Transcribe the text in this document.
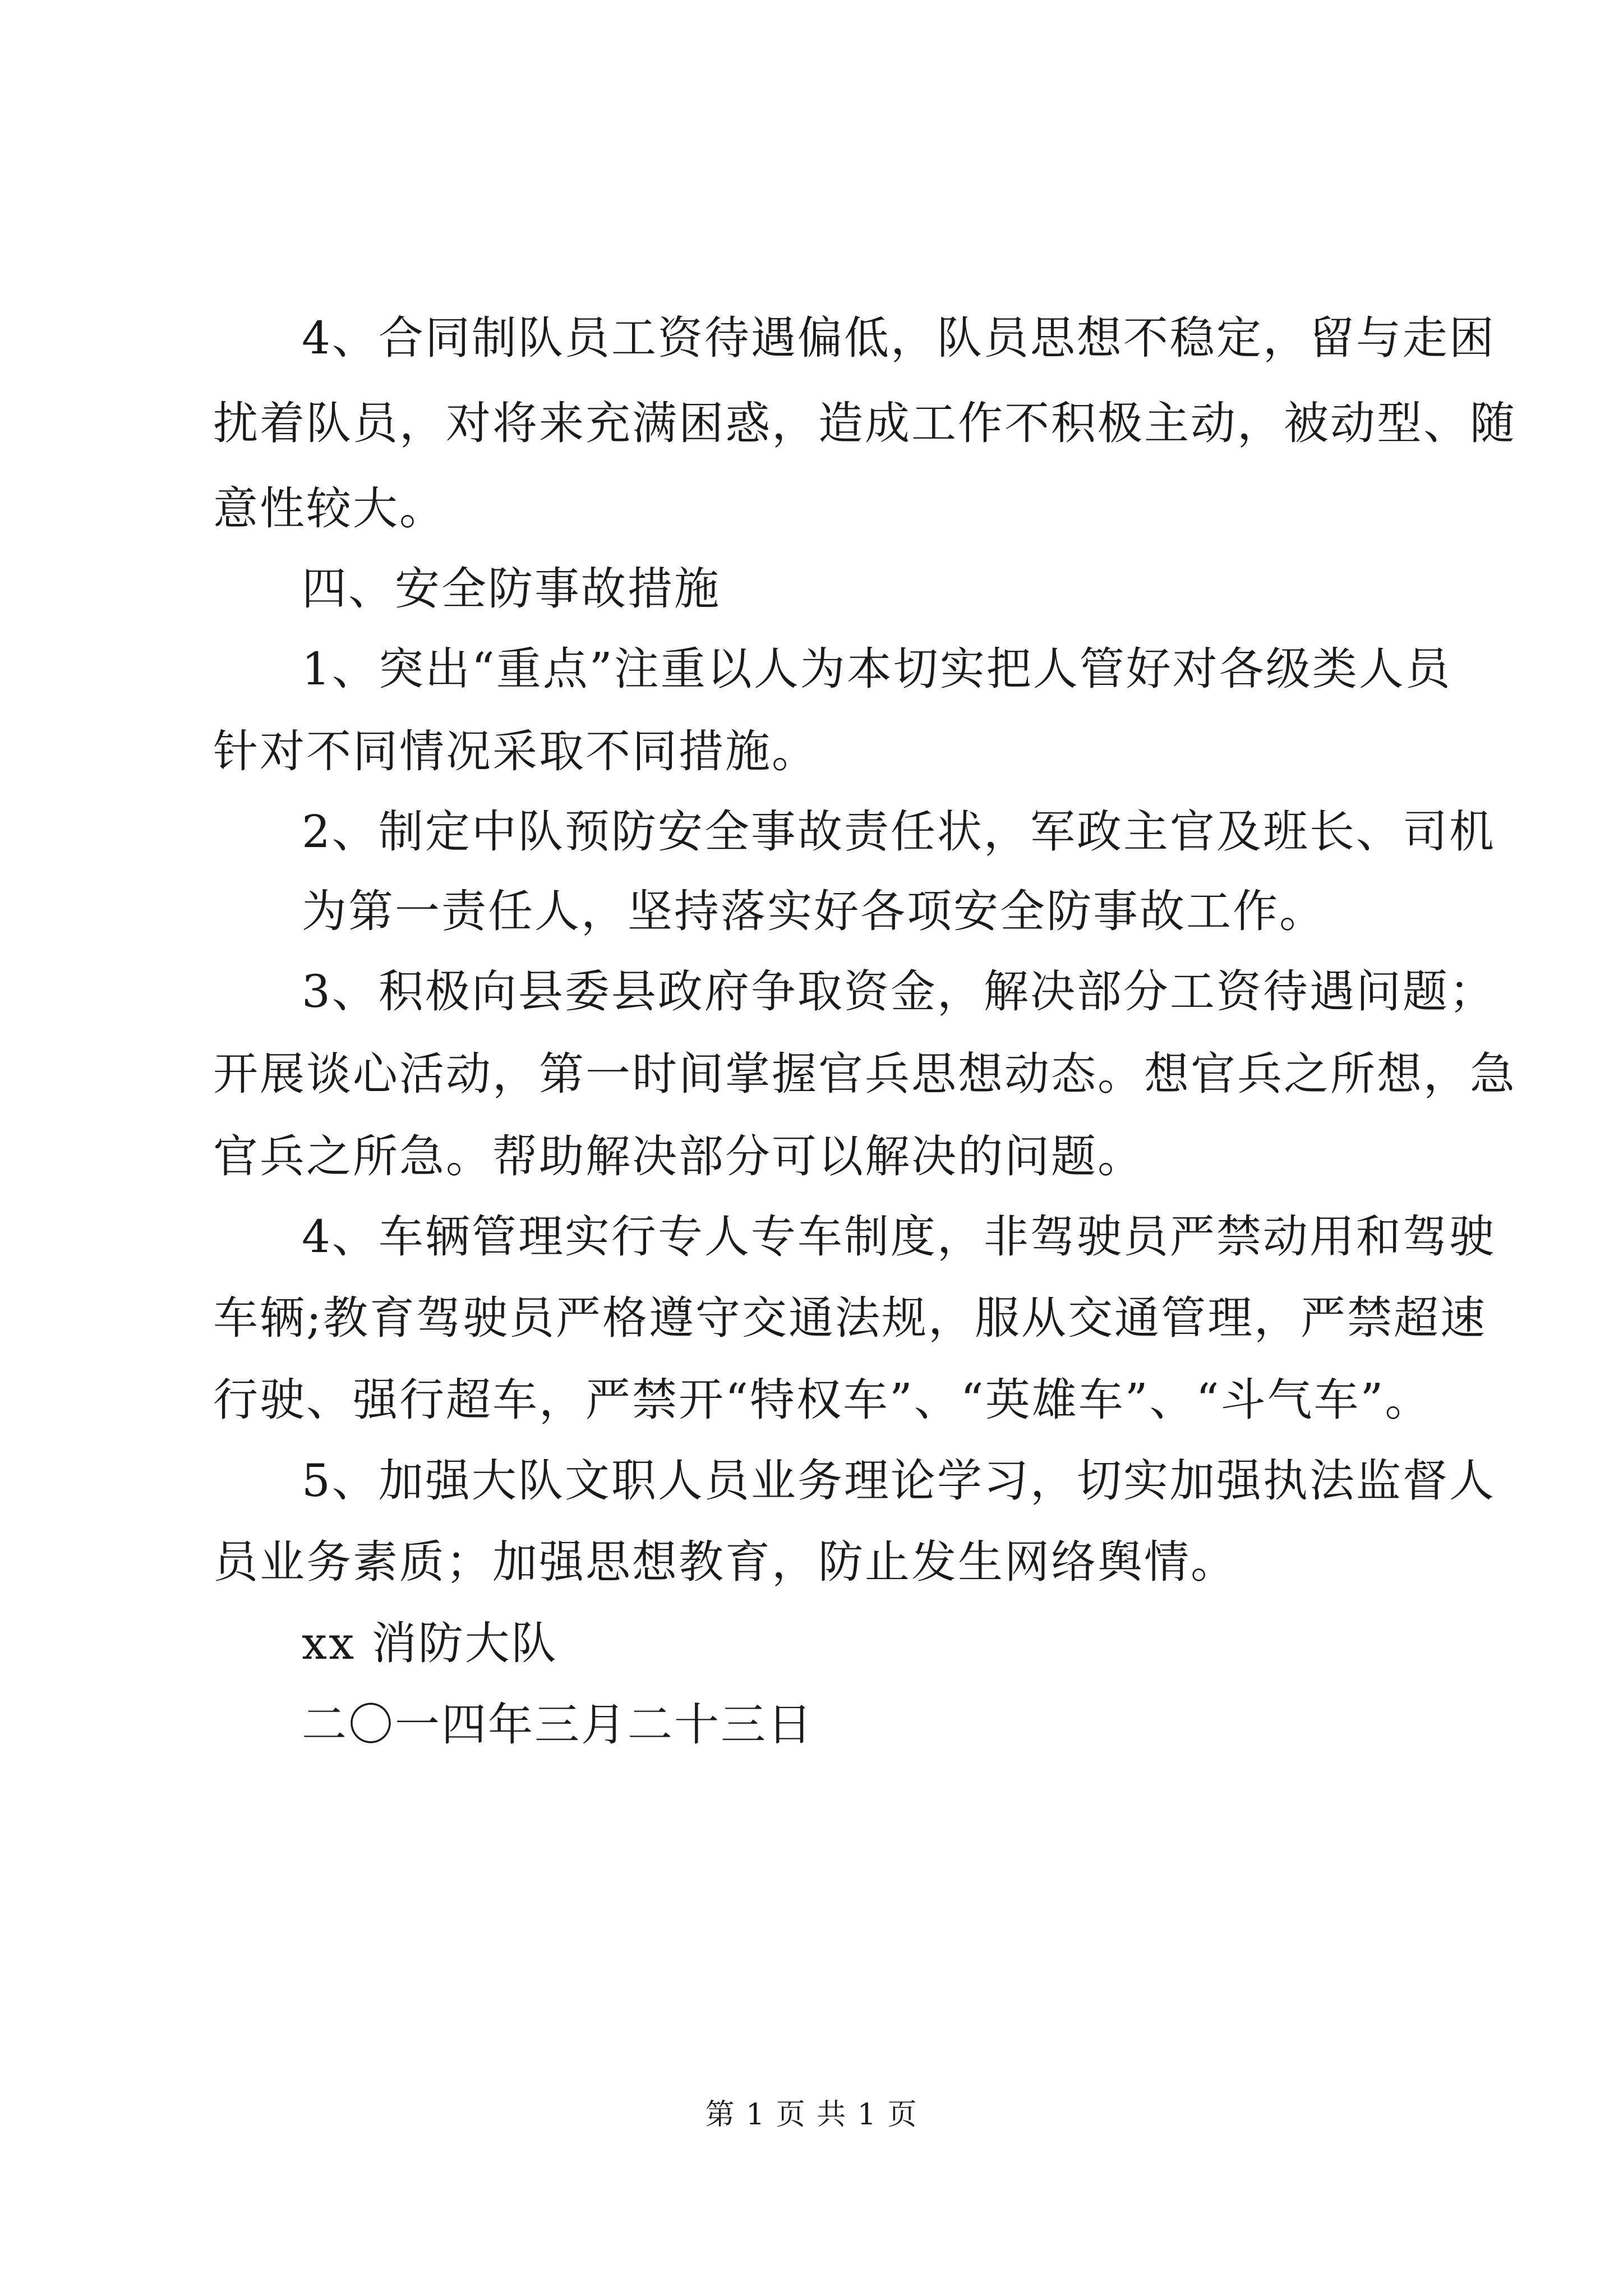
4、合同制队员工资待遇偏低，队员思想不稳定，留与走困
扰着队员，对将来充满困惑，造成工作不积极主动，被动型、随
意性较大。
四、安全防事故措施
1、突出“重点”注重以人为本切实把人管好对各级类人员
针对不同情况采取不同措施。
2、制定中队预防安全事故责任状，军政主官及班长、司机
为第一责任人，坚持落实好各项安全防事故工作。
3、积极向县委县政府争取资金，解决部分工资待遇问题；
开展谈心活动，第一时间掌握官兵思想动态。想官兵之所想，急
官兵之所急。帮助解决部分可以解决的问题。
4、车辆管理实行专人专车制度，非驾驶员严禁动用和驾驶
车辆;教育驾驶员严格遵守交通法规，服从交通管理，严禁超速
行驶、强行超车，严禁开“特权车”、“英雄车”、“斗气车”。
5、加强大队文职人员业务理论学习，切实加强执法监督人
员业务素质；加强思想教育，防止发生网络舆情。
xx 消防大队
二〇一四年三月二十三日
第 1 页 共 1 页
